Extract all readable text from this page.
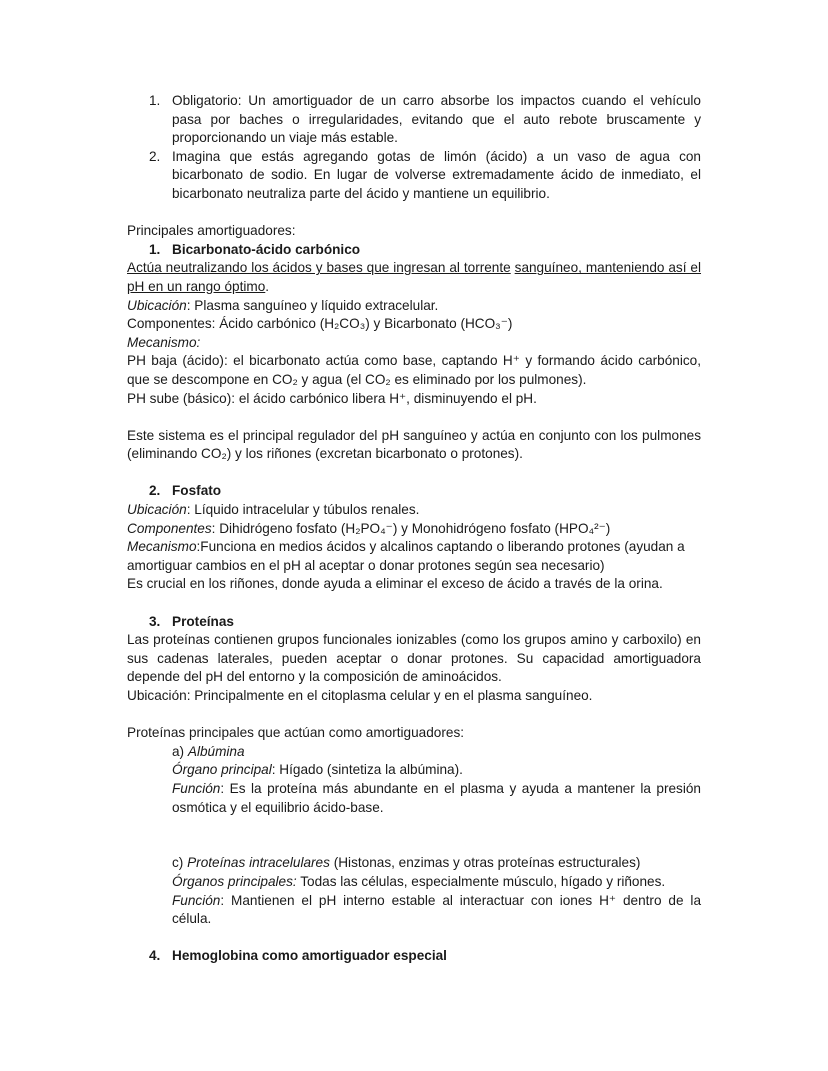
1. Obligatorio: Un amortiguador de un carro absorbe los impactos cuando el vehículo pasa por baches o irregularidades, evitando que el auto rebote bruscamente y proporcionando un viaje más estable.
2. Imagina que estás agregando gotas de limón (ácido) a un vaso de agua con bicarbonato de sodio. En lugar de volverse extremadamente ácido de inmediato, el bicarbonato neutraliza parte del ácido y mantiene un equilibrio.
Principales amortiguadores:
1. Bicarbonato-ácido carbónico
Actúa neutralizando los ácidos y bases que ingresan al torrente sanguíneo, manteniendo así el pH en un rango óptimo.
Ubicación: Plasma sanguíneo y líquido extracelular.
Componentes: Ácido carbónico (H₂CO₃) y Bicarbonato (HCO₃⁻)
Mecanismo:
PH baja (ácido): el bicarbonato actúa como base, captando H⁺ y formando ácido carbónico, que se descompone en CO₂ y agua (el CO₂ es eliminado por los pulmones).
PH sube (básico): el ácido carbónico libera H⁺, disminuyendo el pH.
Este sistema es el principal regulador del pH sanguíneo y actúa en conjunto con los pulmones (eliminando CO₂) y los riñones (excretan bicarbonato o protones).
2. Fosfato
Ubicación: Líquido intracelular y túbulos renales.
Componentes: Dihidrógeno fosfato (H₂PO₄⁻) y Monohidrógeno fosfato (HPO₄²⁻)
Mecanismo:Funciona en medios ácidos y alcalinos captando o liberando protones (ayudan a amortiguar cambios en el pH al aceptar o donar protones según sea necesario)
Es crucial en los riñones, donde ayuda a eliminar el exceso de ácido a través de la orina.
3. Proteínas
Las proteínas contienen grupos funcionales ionizables (como los grupos amino y carboxilo) en sus cadenas laterales, pueden aceptar o donar protones. Su capacidad amortiguadora depende del pH del entorno y la composición de aminoácidos.
Ubicación: Principalmente en el citoplasma celular y en el plasma sanguíneo.
Proteínas principales que actúan como amortiguadores:
a) Albúmina
Órgano principal: Hígado (sintetiza la albúmina).
Función: Es la proteína más abundante en el plasma y ayuda a mantener la presión osmótica y el equilibrio ácido-base.
c) Proteínas intracelulares (Histonas, enzimas y otras proteínas estructurales)
Órganos principales: Todas las células, especialmente músculo, hígado y riñones.
Función: Mantienen el pH interno estable al interactuar con iones H⁺ dentro de la célula.
4. Hemoglobina como amortiguador especial
